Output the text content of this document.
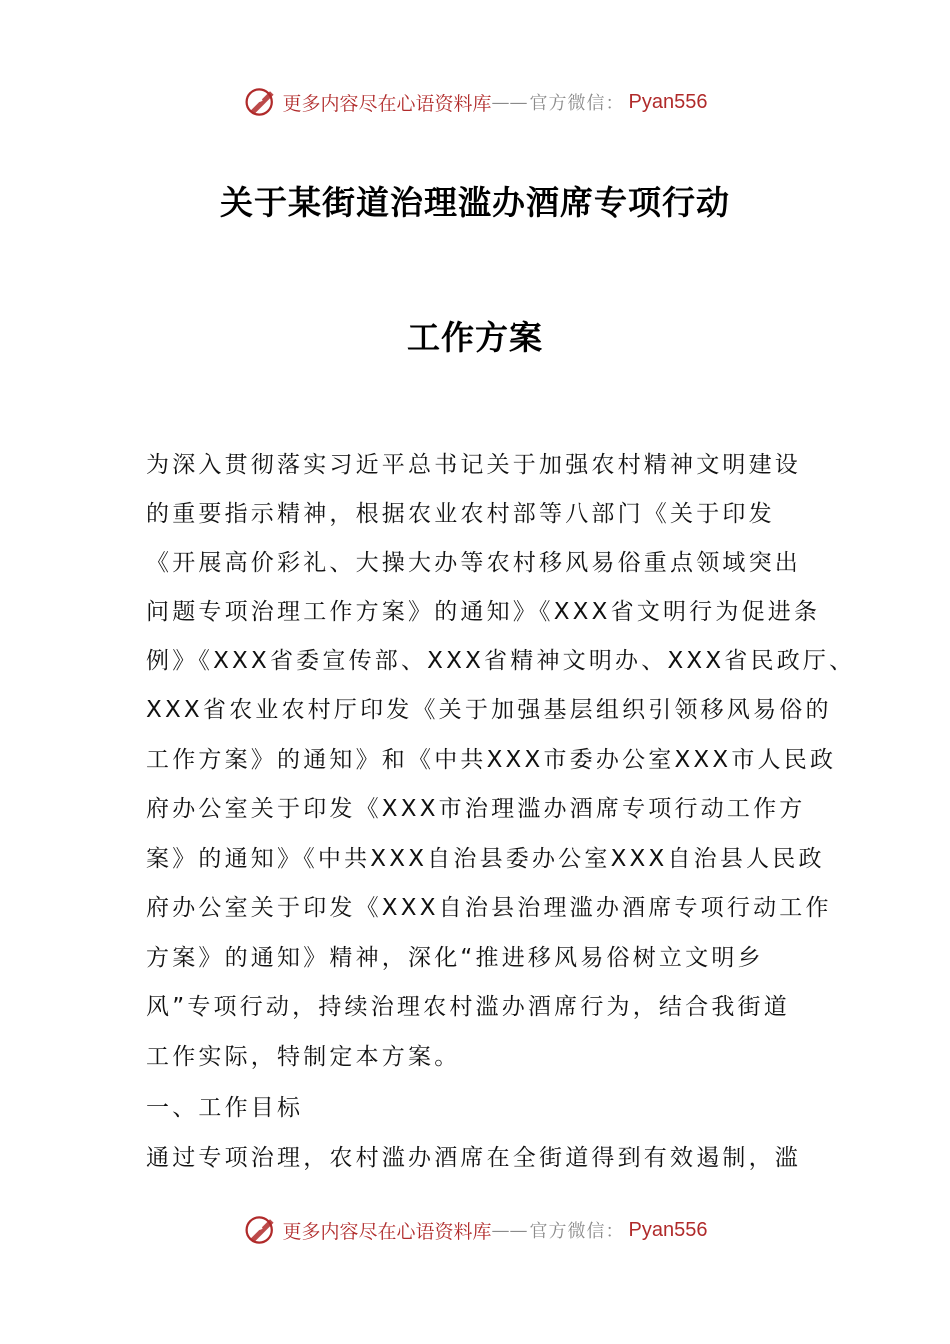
更多内容尽在心语资料库 —— 官方微信： Pyan556
关于某街道治理滥办酒席专项行动
工作方案
为深入贯彻落实习近平总书记关于加强农村精神文明建设
的重要指示精神，根据农业农村部等八部门《关于印发
《开展高价彩礼、大操大办等农村移风易俗重点领域突出
问题专项治理工作方案》的通知》《XXX省文明行为促进条
例》《XXX省委宣传部、XXX省精神文明办、XXX省民政厅、
XXX省农业农村厅印发《关于加强基层组织引领移风易俗的
工作方案》的通知》和《中共XXX市委办公室XXX市人民政
府办公室关于印发《XXX市治理滥办酒席专项行动工作方
案》的通知》《中共XXX自治县委办公室XXX自治县人民政
府办公室关于印发《XXX自治县治理滥办酒席专项行动工作
方案》的通知》精神，深化“推进移风易俗树立文明乡
风”专项行动，持续治理农村滥办酒席行为，结合我街道
工作实际，特制定本方案。
一、工作目标
通过专项治理，农村滥办酒席在全街道得到有效遏制，滥
更多内容尽在心语资料库 —— 官方微信： Pyan556
